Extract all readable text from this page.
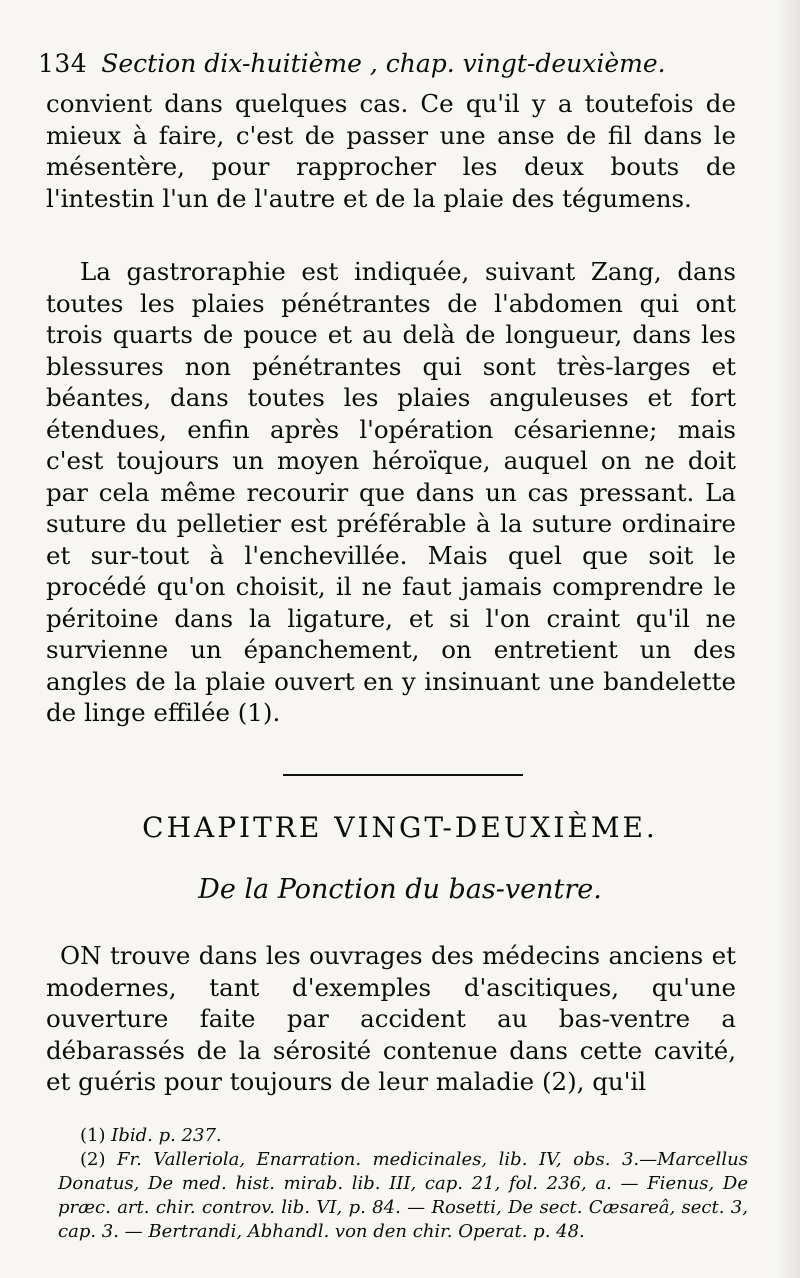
134 Section dix-huitième , chap. vingt-deuxième.

convient dans quelques cas. Ce qu'il y a toutefois de mieux à faire, c'est de passer une anse de fil dans le mésentère, pour rapprocher les deux bouts de l'intestin l'un de l'autre et de la plaie des tégumens.

La gastroraphie est indiquée, suivant Zang, dans toutes les plaies pénétrantes de l'abdomen qui ont trois quarts de pouce et au delà de longueur, dans les blessures non pénétrantes qui sont très-larges et béantes, dans toutes les plaies anguleuses et fort étendues, enfin après l'opération césarienne; mais c'est toujours un moyen héroïque, auquel on ne doit par cela même recourir que dans un cas pressant. La suture du pelletier est préférable à la suture ordinaire et sur-tout à l'enchevillée. Mais quel que soit le procédé qu'on choisit, il ne faut jamais comprendre le péritoine dans la ligature, et si l'on craint qu'il ne survienne un épanchement, on entretient un des angles de la plaie ouvert en y insinuant une bandelette de linge effilée (1).

CHAPITRE VINGT-DEUXIÈME.
De la Ponction du bas-ventre.

ON trouve dans les ouvrages des médecins anciens et modernes, tant d'exemples d'ascitiques, qu'une ouverture faite par accident au bas-ventre a débarassés de la sérosité contenue dans cette cavité, et guéris pour toujours de leur maladie (2), qu'il

(1) Ibid. p. 237.

(2) Fr. Valleriola, Enarration. medicinales, lib. IV, obs. 3.—Marcellus Donatus, De med. hist. mirab. lib. III, cap. 21, fol. 236, a. — Fienus, De præc. art. chir. controv. lib. VI, p. 84. — Rosetti, De sect. Cæsareâ, sect. 3, cap. 3. — Bertrandi, Abhandl. von den chir. Operat. p. 48.
